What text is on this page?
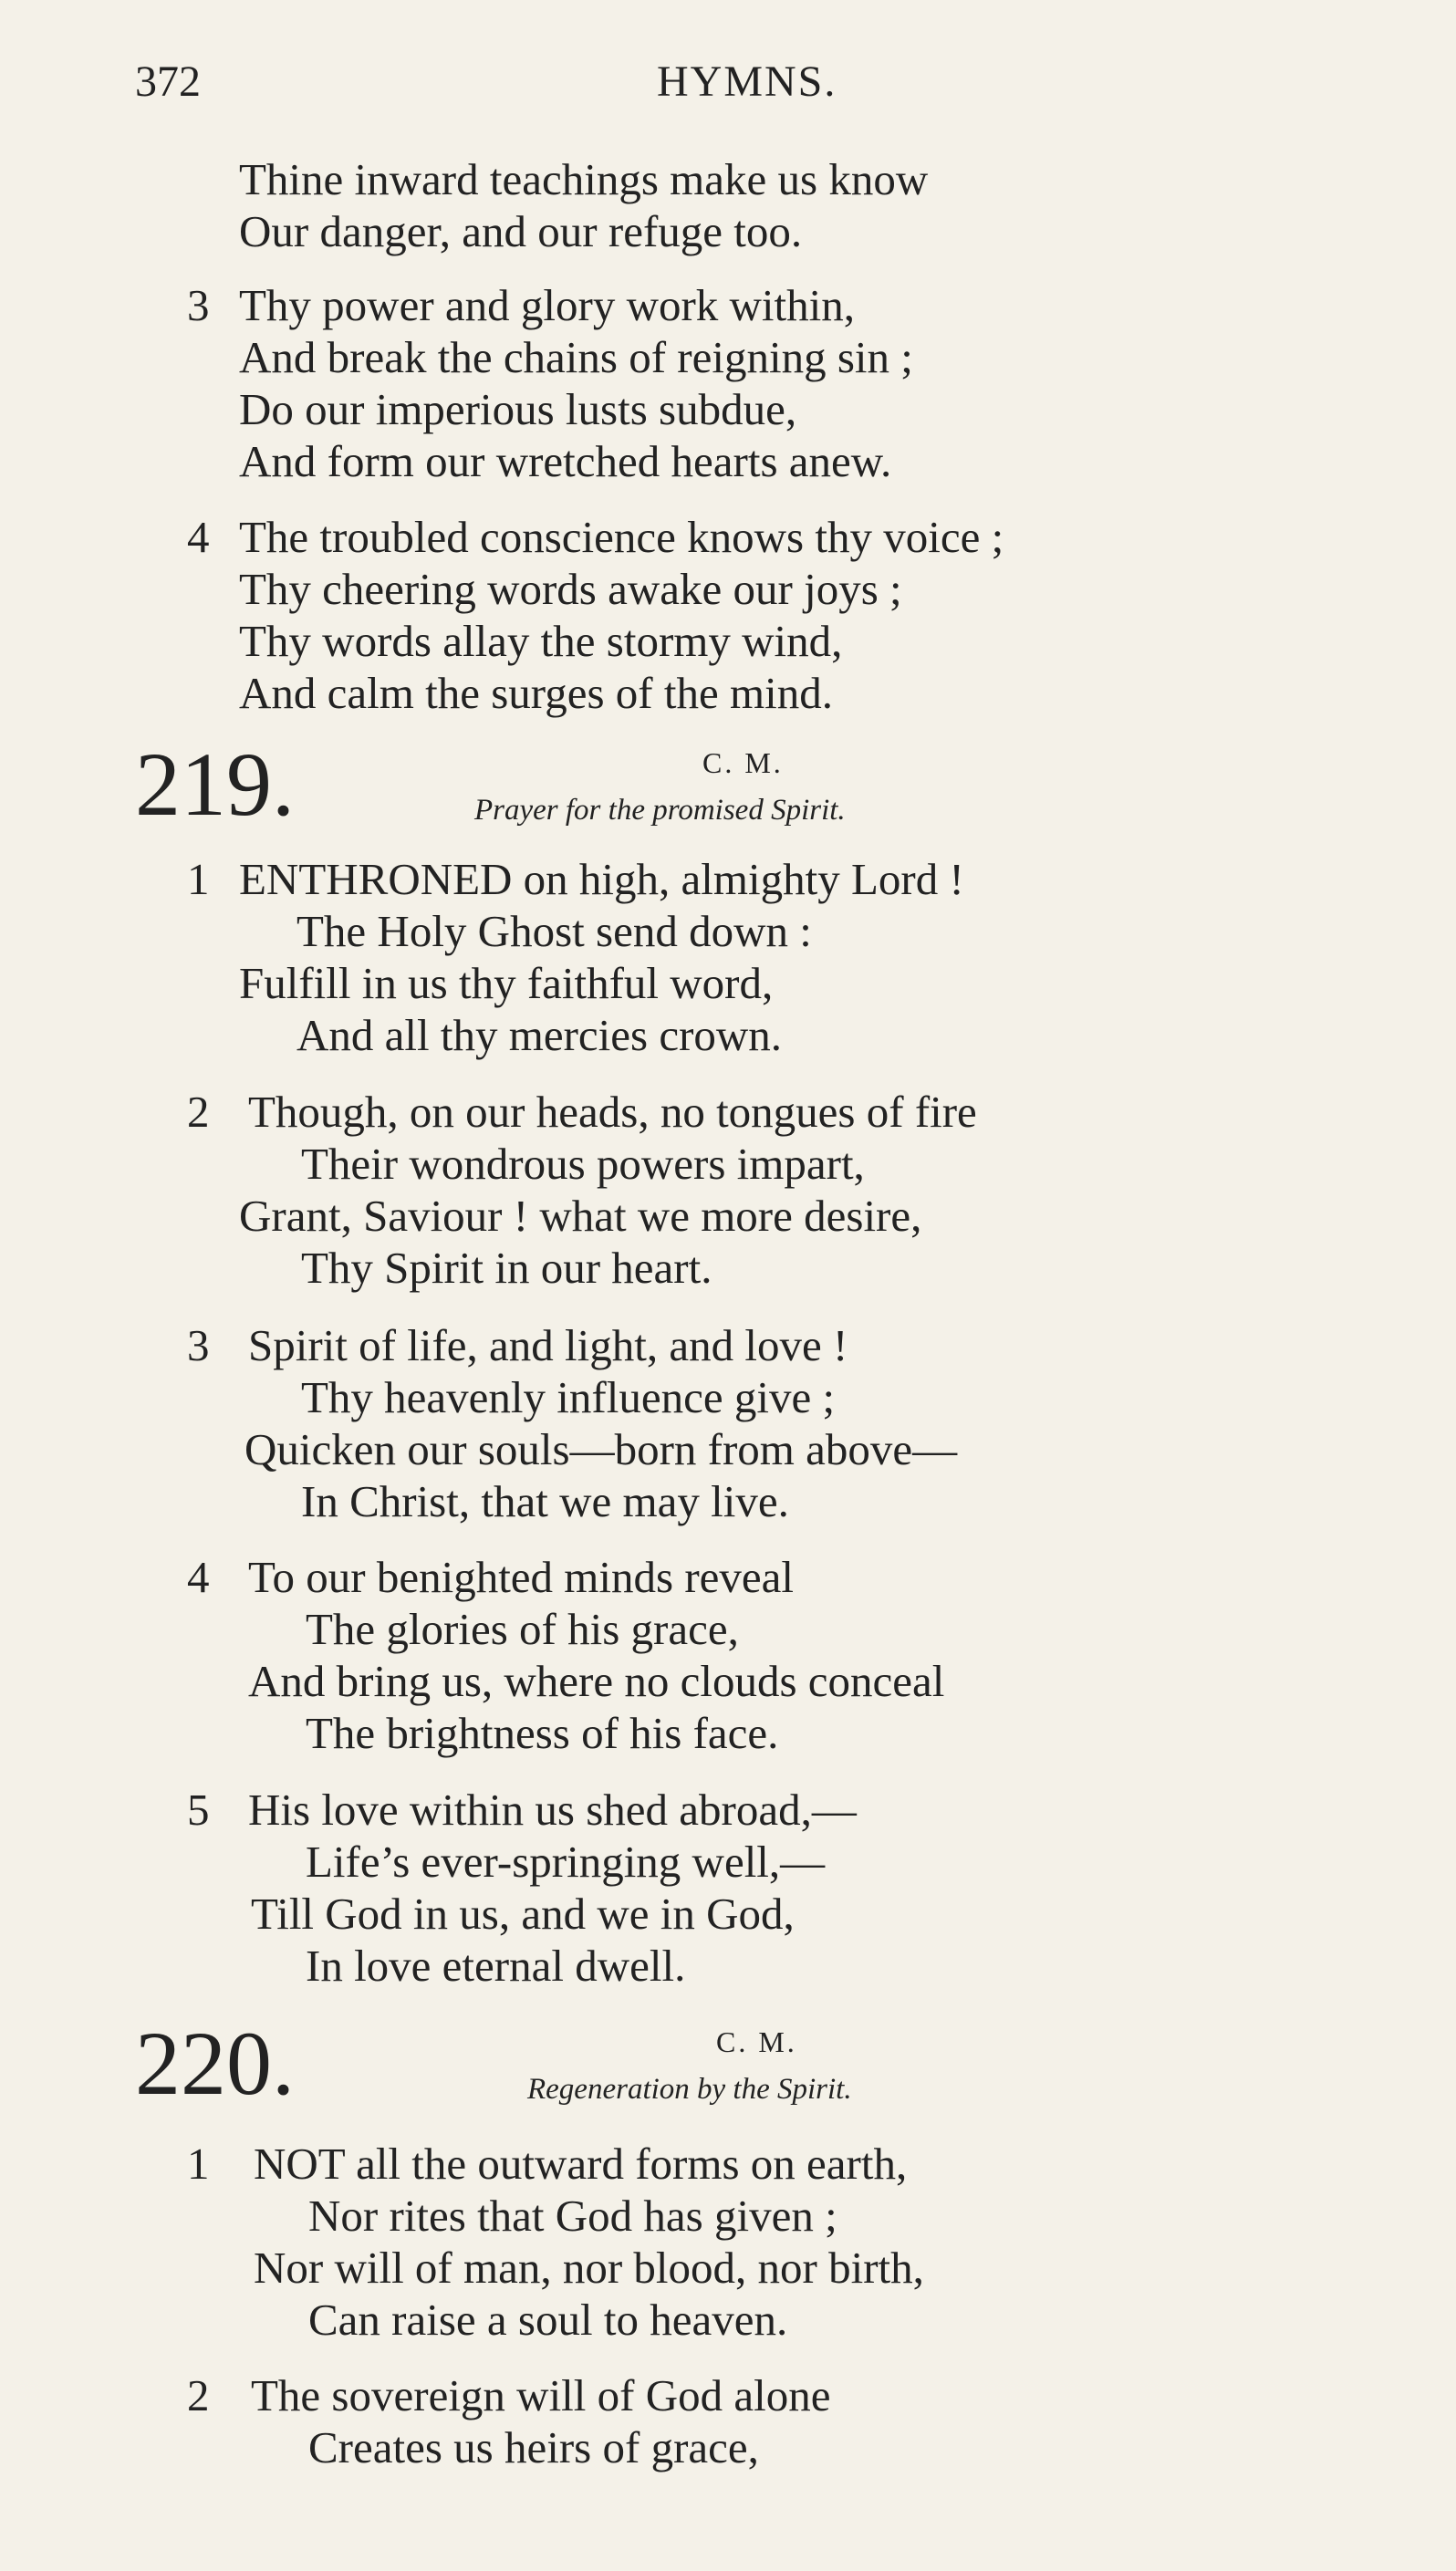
372	HYMNS.
Thine inward teachings make us know
Our danger, and our refuge too.
3 Thy power and glory work within,
And break the chains of reigning sin ;
Do our imperious lusts subdue,
And form our wretched hearts anew.
4 The troubled conscience knows thy voice ;
Thy cheering words awake our joys ;
Thy words allay the stormy wind,
And calm the surges of the mind.
219.	C. M.
Prayer for the promised Spirit.
1 ENTHRONED on high, almighty Lord !
The Holy Ghost send down :
Fulfill in us thy faithful word,
And all thy mercies crown.
2 Though, on our heads, no tongues of fire
Their wondrous powers impart,
Grant, Saviour ! what we more desire,
Thy Spirit in our heart.
3 Spirit of life, and light, and love !
Thy heavenly influence give ;
Quicken our souls—born from above—
In Christ, that we may live.
4 To our benighted minds reveal
The glories of his grace,
And bring us, where no clouds conceal
The brightness of his face.
5 His love within us shed abroad,—
Life’s ever-springing well,—
Till God in us, and we in God,
In love eternal dwell.
220.	C. M.
Regeneration by the Spirit.
1 NOT all the outward forms on earth,
Nor rites that God has given ;
Nor will of man, nor blood, nor birth,
Can raise a soul to heaven.
2 The sovereign will of God alone
Creates us heirs of grace,
